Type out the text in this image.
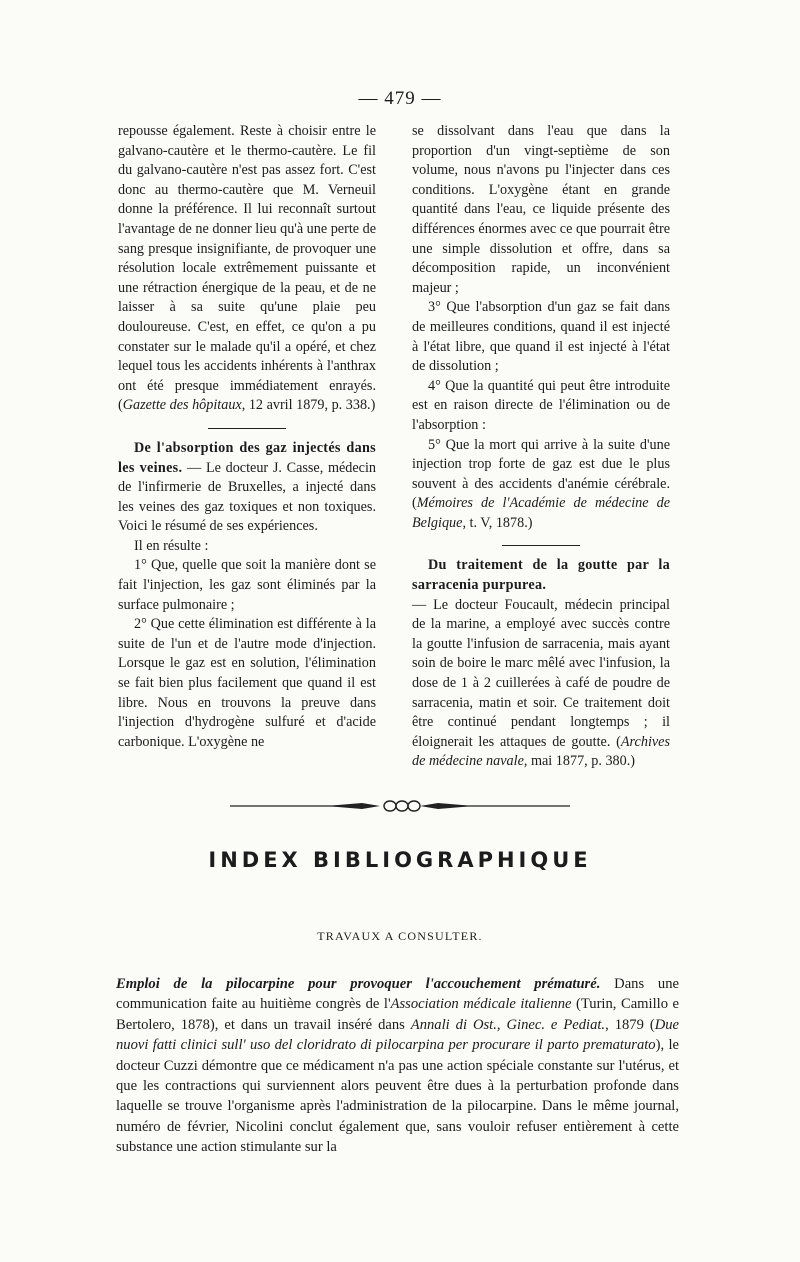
— 479 —

repousse également. Reste à choisir entre le galvano-cautère et le thermo-cautère. Le fil du galvano-cautère n'est pas assez fort. C'est donc au thermo-cautère que M. Verneuil donne la préférence. Il lui reconnaît surtout l'avantage de ne donner lieu qu'à une perte de sang presque insignifiante, de provoquer une résolution locale extrêmement puissante et une rétraction énergique de la peau, et de ne laisser à sa suite qu'une plaie peu douloureuse. C'est, en effet, ce qu'on a pu constater sur le malade qu'il a opéré, et chez lequel tous les accidents inhérents à l'anthrax ont été presque immédiatement enrayés. (Gazette des hôpitaux, 12 avril 1879, p. 338.)

De l'absorption des gaz injectés dans les veines. — Le docteur J. Casse, médecin de l'infirmerie de Bruxelles, a injecté dans les veines des gaz toxiques et non toxiques. Voici le résumé de ses expériences.

Il en résulte :

1° Que, quelle que soit la manière dont se fait l'injection, les gaz sont éliminés par la surface pulmonaire ;

2° Que cette élimination est différente à la suite de l'un et de l'autre mode d'injection. Lorsque le gaz est en solution, l'élimination se fait bien plus facilement que quand il est libre. Nous en trouvons la preuve dans l'injection d'hydrogène sulfuré et d'acide carbonique. L'oxygène ne

se dissolvant dans l'eau que dans la proportion d'un vingt-septième de son volume, nous n'avons pu l'injecter dans ces conditions. L'oxygène étant en grande quantité dans l'eau, ce liquide présente des différences énormes avec ce que pourrait être une simple dissolution et offre, dans sa décomposition rapide, un inconvénient majeur ;

3° Que l'absorption d'un gaz se fait dans de meilleures conditions, quand il est injecté à l'état libre, que quand il est injecté à l'état de dissolution ;

4° Que la quantité qui peut être introduite est en raison directe de l'élimination ou de l'absorption :

5° Que la mort qui arrive à la suite d'une injection trop forte de gaz est due le plus souvent à des accidents d'anémie cérébrale. (Mémoires de l'Académie de médecine de Belgique, t. V, 1878.)

Du traitement de la goutte par la sarracenia purpurea.
— Le docteur Foucault, médecin principal de la marine, a employé avec succès contre la goutte l'infusion de sarracenia, mais ayant soin de boire le marc mêlé avec l'infusion, la dose de 1 à 2 cuillerées à café de poudre de sarracenia, matin et soir. Ce traitement doit être continué pendant longtemps ; il éloignerait les attaques de goutte. (Archives de médecine navale, mai 1877, p. 380.)

INDEX BIBLIOGRAPHIQUE
TRAVAUX A CONSULTER.

Emploi de la pilocarpine pour provoquer l'accouchement prématuré. Dans une communication faite au huitième congrès de l'Association médicale italienne (Turin, Camillo e Bertolero, 1878), et dans un travail inséré dans Annali di Ost., Ginec. e Pediat., 1879 (Due nuovi fatti clinici sull' uso del cloridrato di pilocarpina per procurare il parto prematurato), le docteur Cuzzi démontre que ce médicament n'a pas une action spéciale constante sur l'utérus, et que les contractions qui surviennent alors peuvent être dues à la perturbation profonde dans laquelle se trouve l'organisme après l'administration de la pilocarpine. Dans le même journal, numéro de février, Nicolini conclut également que, sans vouloir refuser entièrement à cette substance une action stimulante sur la
